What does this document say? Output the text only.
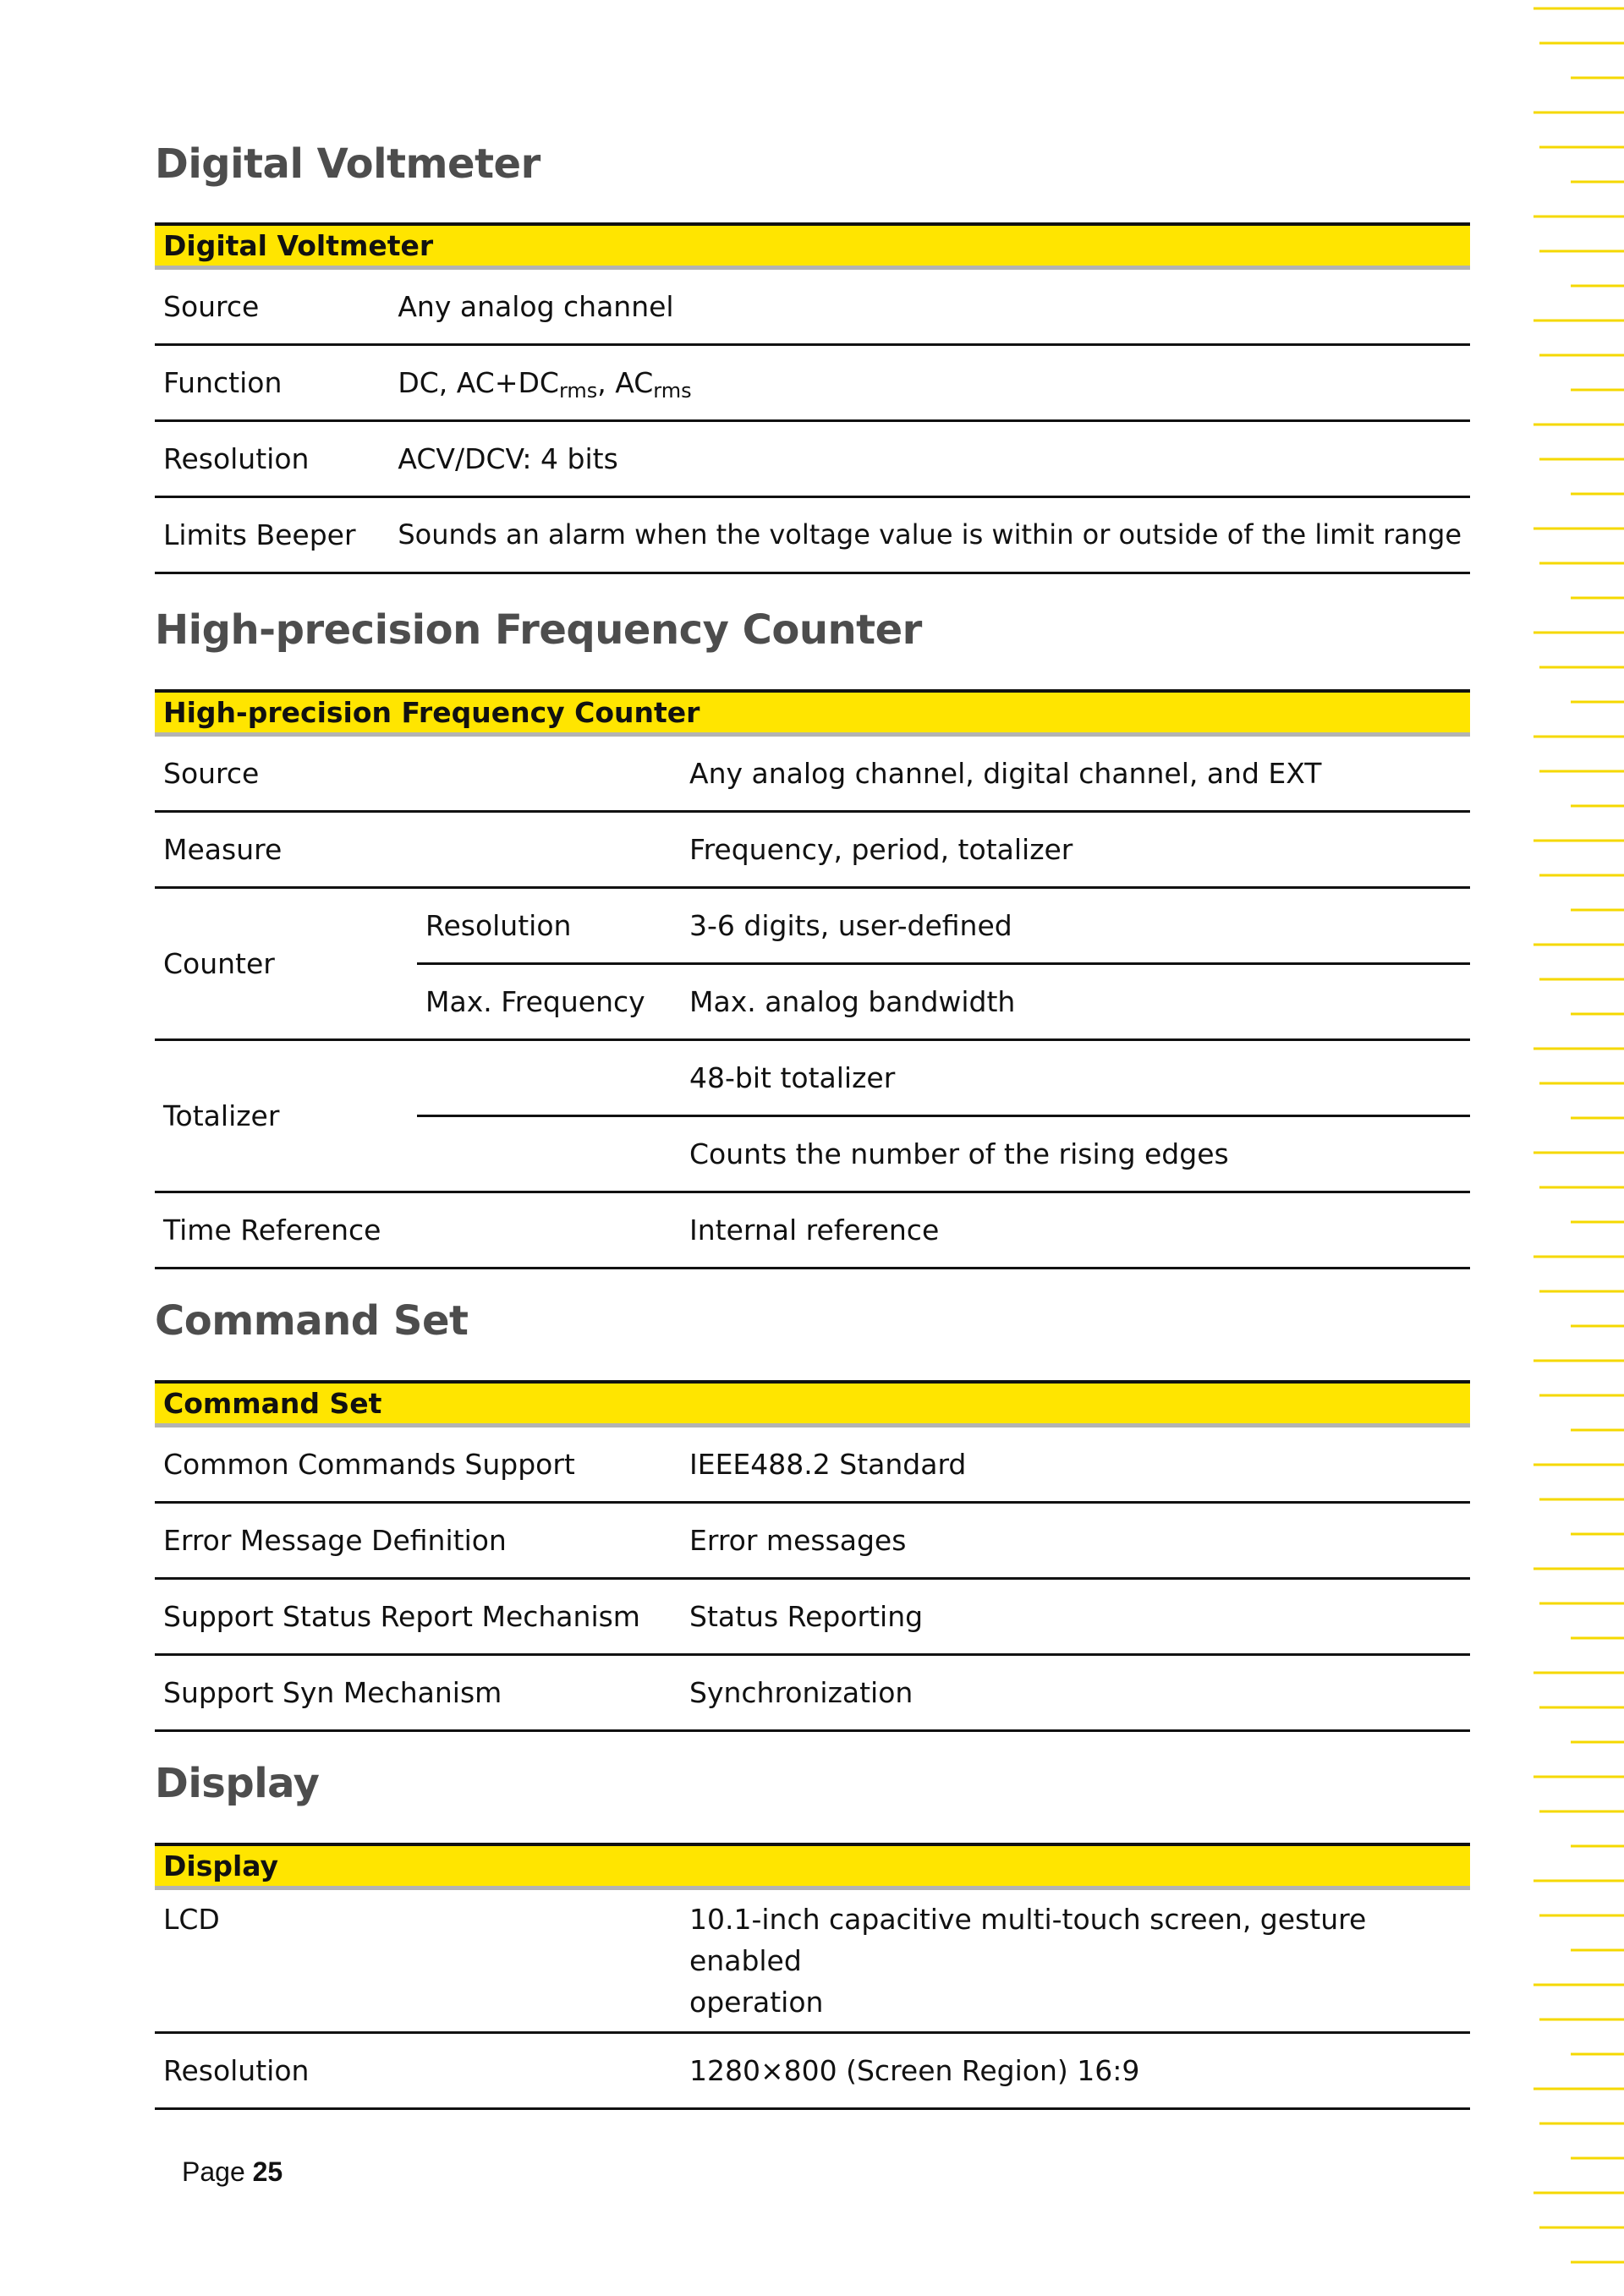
Digital Voltmeter
Digital Voltmeter	
Source	Any analog channel
Function	DC, $AC+DC_{rms}$, $AC_{rms}$
Resolution	ACV/DCV: 4 bits
Limits Beeper	Sounds an alarm when the voltage value is within or outside of the limit range
High-precision Frequency Counter
High-precision Frequency Counter		
Source		Any analog channel, digital channel, and EXT
Measure		Frequency, period, totalizer
Counter	Resolution	3-6 digits, user-defined
	Max. Frequency	Max. analog bandwidth
Totalizer		48-bit totalizer
		Counts the number of the rising edges
Time Reference		Internal reference
Command Set
Command Set	
Common Commands Support	IEEE488.2 Standard
Error Message Definition	Error messages
Support Status Report Mechanism	Status Reporting
Support Syn Mechanism	Synchronization
Display
Display	
LCD	10.1-inch capacitive multi-touch screen, gesture enabled
operation
Resolution	1280×800 (Screen Region) 16:9
Page 25
